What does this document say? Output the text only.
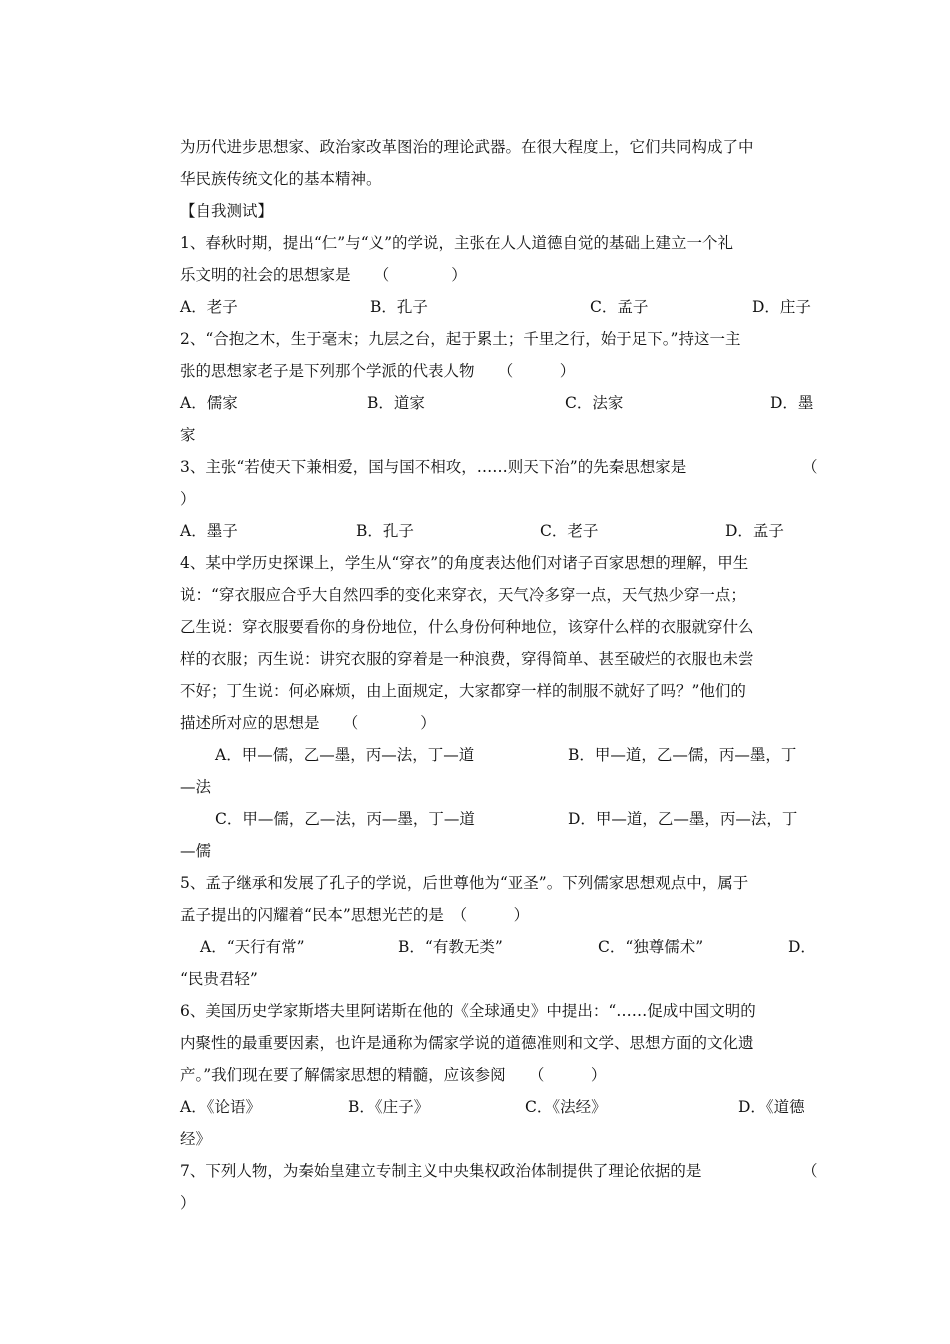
为历代进步思想家、政治家改革图治的理论武器。在很大程度上，它们共同构成了中
华民族传统文化的基本精神。
【自我测试】
1、春秋时期，提出“仁”与“义”的学说，主张在人人道德自觉的基础上建立一个礼
乐文明的社会的思想家是　　（　　　　）
A．老子	B．孔子	C．孟子	D．庄子
2、“合抱之木，生于毫末；九层之台，起于累土；千里之行，始于足下。”持这一主
张的思想家老子是下列那个学派的代表人物　　（　　　）
A．儒家	B．道家	C．法家	D．墨
家
3、主张“若使天下兼相爱，国与国不相攻，……则天下治”的先秦思想家是	（
）
A．墨子	B．孔子	C．老子	D．孟子
4、某中学历史探课上，学生从“穿衣”的角度表达他们对诸子百家思想的理解，甲生
说：“穿衣服应合乎大自然四季的变化来穿衣，天气冷多穿一点，天气热少穿一点；
乙生说：穿衣服要看你的身份地位，什么身份何种地位，该穿什么样的衣服就穿什么
样的衣服；丙生说：讲究衣服的穿着是一种浪费，穿得简单、甚至破烂的衣服也未尝
不好；丁生说：何必麻烦，由上面规定，大家都穿一样的制服不就好了吗？”他们的
描述所对应的思想是　　（　　　　）
A．甲—儒，乙—墨，丙—法，丁—道	B．甲—道，乙—儒，丙—墨，丁
—法
C．甲—儒，乙—法，丙—墨，丁—道	D．甲—道，乙—墨，丙—法，丁
—儒
5、孟子继承和发展了孔子的学说，后世尊他为“亚圣”。下列儒家思想观点中，属于
孟子提出的闪耀着“民本”思想光芒的是　（　　　）
A．“天行有常”	B．“有教无类”	C．“独尊儒术”	D．
“民贵君轻”
6、美国历史学家斯塔夫里阿诺斯在他的《全球通史》中提出：“……促成中国文明的
内聚性的最重要因素，也许是通称为儒家学说的道德准则和文学、思想方面的文化遗
产。”我们现在要了解儒家思想的精髓，应该参阅　　（　　　）
A．《论语》	B．《庄子》	C．《法经》	D．《道德
经》
7、下列人物，为秦始皇建立专制主义中央集权政治体制提供了理论依据的是	（
）
